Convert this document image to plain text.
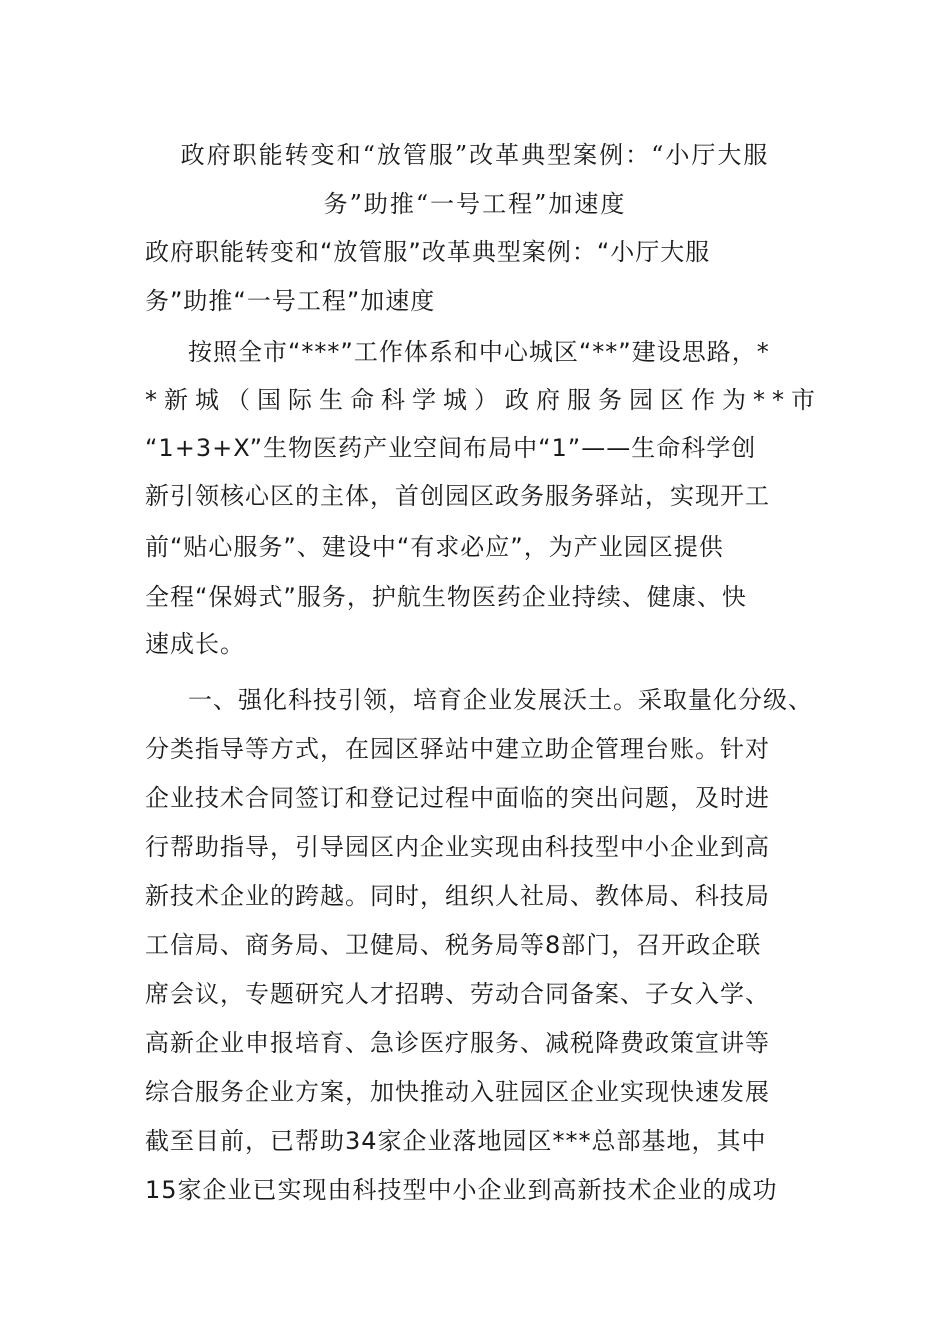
政府职能转变和“放管服”改革典型案例：“小厅大服
务”助推“一号工程”加速度
政府职能转变和“放管服”改革典型案例：“小厅大服
务”助推“一号工程”加速度
按照全市“***”工作体系和中心城区“**”建设思路，*
*新城（国际生命科学城）政府服务园区作为**市
“1+3+X”生物医药产业空间布局中“1”——生命科学创
新引领核心区的主体，首创园区政务服务驿站，实现开工
前“贴心服务”、建设中“有求必应”，为产业园区提供
全程“保姆式”服务，护航生物医药企业持续、健康、快
速成长。
一、强化科技引领，培育企业发展沃土。采取量化分级、
分类指导等方式，在园区驿站中建立助企管理台账。针对
企业技术合同签订和登记过程中面临的突出问题，及时进
行帮助指导，引导园区内企业实现由科技型中小企业到高
新技术企业的跨越。同时，组织人社局、教体局、科技局
工信局、商务局、卫健局、税务局等8部门，召开政企联
席会议，专题研究人才招聘、劳动合同备案、子女入学、
高新企业申报培育、急诊医疗服务、减税降费政策宣讲等
综合服务企业方案，加快推动入驻园区企业实现快速发展
截至目前，已帮助34家企业落地园区***总部基地，其中
15家企业已实现由科技型中小企业到高新技术企业的成功
